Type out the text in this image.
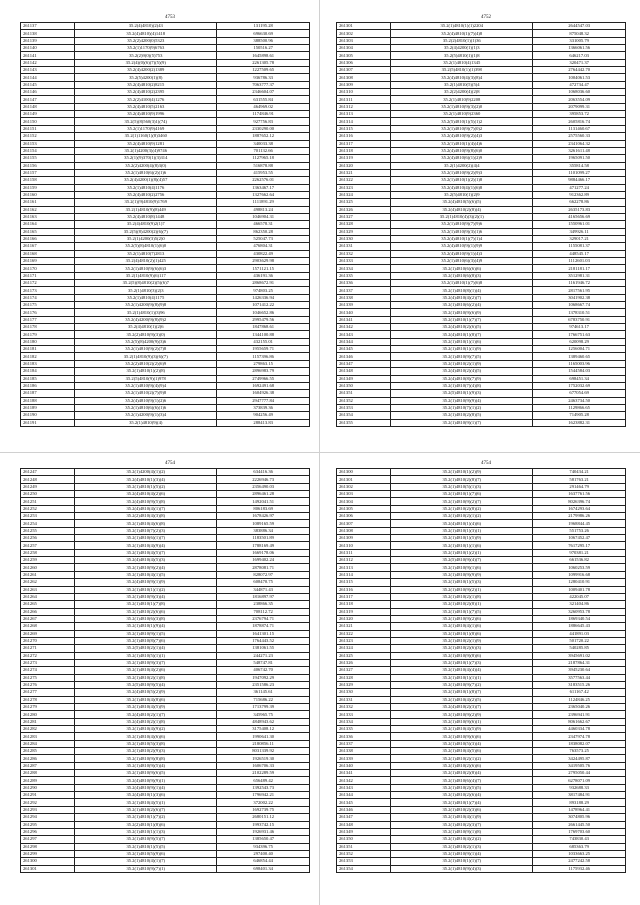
4753
261137	35.2(4)4810)(2)43	131195.28
261138	35.2(4)4810)(4)1418	696630.69
261139	35.2(2)4200(0)5323	388500.96
261140	35.2(1)1170(9)6763	150516.27
261141	35.2(2)9(0)(5)753	1645898.61
261142	35.2(4)(0)(6)(7)(5)(9)	2261305.78
261143	35.2(4)4200(2)1389	1227509.65
261144	35.2(5)4200(1)(8)	936786.33
261145	35.2(4)4810(2)8215	7063777.37
261146	35.2(4)4810(2)2395	2346604.07
261147	35.2(2)4100(4)1276	631555.84
261148	35.2(4)4810(5)2163	464969.02
261149	35.2(4)4810(9)1996	1174846.91
261150	35.2(5)(8)560(3)1)(74)	927756.83
261151	35.2(1)1170(9)4169	2330290.00
261152	35.2(1)1160(1)(8)3460	1887652.12
261153	35.2(4)4810(9)1281	340033.38
261154	35.2(1)4200(3)(4)9746	701132.66
261155	35.2(1)(9)370(1)(3)314	1127965.18
261156	35.2(2)4200(4)(8)3(0)	516878.88
261157	35.2(1)4810(6)(2)(1)6	415953.55
261158	35.2(4)4200(1)(8)(4)57	2262576.01
261159	35.2(1)4810(4)1176	1363467.17
261160	35.2(4)4810(2)2756	1327662.64
261161	35.2(1)(9)4810(9)1769	1111891.29
261162	35.2(1)4810(9)(8)449	498813.24
261163	35.2(4)4810(8)1448	1046904.31
261164	35.2(4)4810(9)2(1)7	466578.31
261165	35.2(5)(8)4200(2)(6)(7)	862350.28
261166	35.2(1)4200(3)5(2)0	525047.73
261167	35.2(5)(8)4810(1)(6)0	476804.31
261168	35.2(1)4810(7)2813	430822.49
261169	35.2(4)4810(2)(1)425	2903629.98
261170	35.2(1)4810(9)(6)(6)3	1571121.15
261171	35.2(1)4810(9)(6)117	436191.36
261172	35.2(5)(8)4810(2)(5)(6)7	2868672.91
261173	35.2(1)4810(3)(2)3	974803.25
261174	35.2(1)4810(4)1175	1426336.94
261175	35.2(1)4200(9)(8)(9)8	1071412.22
261176	35.2(1)4810(1)(3)96	1046652.86
261177	35.2(4)4200(9)(8)(9)2	2995479.56
261178	35.2(4)4810(1)(2)6	1847868.61
261179	35.2(2)4810(9)(3)(0)	1344100.88
261180	35.2(5)(8)4200(9)(3)6	432155.01
261181	35.2(1)4810(9)(2)(7)8	1955659.71
261182	35.2(1)4810(9)(3)(6)(7)	1157396.86
261183	35.2(2)4810(2)(2)(6)9	279863.15
261184	35.2(1)4810(1)(2)(8)	2896983.79
261185	35.2(5)4810(9)(1)978	2749966.55
261186	35.2(1)4810(9)(4)(9)4	1692491.68
261187	35.2(1)4810(2)(7)(9)8	1604926.38
261188	35.2(4)4810(9)(1)(2)6	2947777.84
261189	35.2(1)4810(6)(6)(1)6	373839.36
261190	35.2(1)4200(9)(1)(3)4	904256.49
261191	35.2(1)4810(9)(4)	288413.83
4752
261301	35.2(1)4810(1)(1)2204	2644547.03
261302	35.2(4)4810(1)(7)(4)8	875048.32
261303	35.2(2)4810(1)(1)36	331005.79
261304	35.2(4)4200(1)(1)3	1366061.56
261305	35.2(5)4810(1)(1)8	646217.03
261306	35.2(1)4810(4)1345	320471.37
261307	35.2(5)4810(1)(1)398	2764442.70
261308	35.2(4)4810(4)(3)(8)4	1004061.53
261309	35.2(1)4810(5)(5)4	472734.47
261310	35.2(2)4200(4)(2)8	1068036.60
261311	35.2(1)4810(9)2208	2063554.09
261312	35.2(1)4810(9)(3)(2)0	2079099.31
261313	35.2(1)4810(9)2360	395853.72
261314	35.2(5)4810(1)(5)(1)2	2605816.74
261315	35.2(1)4810(9)(7)(0)2	1131460.67
261316	35.2(4)4810(9)(2)(4)3	2575560.33
261317	35.2(1)4810(1)(4)(4)6	2341064.32
261318	35.2(4)4810(9)(8)(6)0	3261611.48
261319	35.2(4)4810(6)(1)(2)9	1965091.50
261320	35.2(1)4200(2)(4)4	355814.58
261321	35.2(1)4810(9)(2)(9)3	1101099.27
261322	35.2(1)4810(1)(2)(1)8	9884466.17
261323	35.2(4)4810(4)(1)(6)8	471277.24
261324	35.2(5)4810(1)(2)9	912362.89
261325	35.2(4)4810(5)(6)(5)	662278.86
261326	35.2(4)4810(2)(8)(4)	2635173.83
261327	35.2(1)4810(4)(3)(2)(1)	4165656.69
261328	35.2(1)4810(9)(7)(9)6	1550961.01
261329	35.2(1)4810(9)(3)(1)6	349926.11
261330	35.2(4)4810(1)(7)(1)4	329017.21
261331	35.2(4)4810(9)(1)(9)9	1155081.37
261332	35.2(4)4810(9)(1)(4)3	448545.17
261333	35.2(1)4810(6)(3)(4)9	1112601.03
261334	35.2(1)4810(6)(6)(6)	2181181.17
261335	35.2(1)4810(6)(8)(3)	3512981.31
261336	35.2(1)4810(1)(7)(6)8	1161946.72
261337	35.2(1)4810(8)(1)(4)	2817561.95
261338	35.2(4)4810(4)(2)(7)	3041902.38
261339	35.2(1)4810(6)(2)(4)	1068667.74
261340	35.2(1)4810(9)(6)(9)	1378310.51
261341	35.2(1)4810(1)(7)(7)	6783750.91
261342	35.2(4)4810(2)(6)(5)	974613.17
261343	35.2(4)4810(1)(8)(7)	1766751.63
261344	35.2(1)4810(1)(1)(6)	620098.29
261345	35.2(1)4810(1)(1)(9)	1256004.71
261346	35.2(1)4810(9)(7)(5)	1389460.65
261347	35.2(1)4810(2)(1)(9)	1165003.96
261348	35.2(4)4810(2)(4)(5)	1544584.03
261349	35.2(4)4810(8)(7)(9)	698451.34
261350	35.2(1)4810(7)(4)(8)	1752032.69
261351	35.2(5)4810(1)(9)(3)	677054.69
261352	35.2(1)4810(9)(9)(4)	2463734.50
261353	35.2(1)4810(7)(1)(2)	1129866.65
261354	35.2(1)4810(2)(8)(5)	714905.28
261355	35.2(1)4810(9)(1)(7)	1623882.31
4754
261247	35.2(1)4200(4)(1)(2)	634416.36
261248	35.2(4)4810(1)(3)(4)	2226946.73
261249	35.2(1)4810(1)(5)(2)	2356490.03
261250	35.2(4)4810(4)(2)(6)	2896461.28
261251	35.2(4)4810(9)(5)(8)	1492041.51
261252	35.2(4)4810(4)(1)(7)	806183.69
261253	35.2(2)4810(4)(3)(8)	1678426.97
261254	35.2(1)4810(4)(6)(8)	1089165.59
261255	35.2(1)4810(7)(2)(3)	383886.34
261256	35.2(1)4810(6)(1)(7)	1183501.89
261257	35.2(1)4810(4)(9)(4)	1788169.49
261258	35.2(1)4810(4)(5)(7)	1669178.06
261259	35.2(4)4810(4)(5)(3)	1699402.24
261260	35.2(1)4810(9)(2)(4)	2878081.71
261261	35.2(1)4810(4)(1)(5)	828072.97
261262	35.2(4)4810(9)(1)(9)	608470.75
261263	35.2(1)4810(1)(1)(2)	344871.43
261264	35.2(1)4810(9)(3)(4)	1816897.97
261265	35.2(1)4810(1)(7)(8)	238866.35
261266	35.2(1)4810(2)(6)(6)	708112.72
261267	35.2(1)4810(6)(3)(8)	2376794.71
261268	35.2(1)4810(1)(9)(4)	1878874.71
261269	35.2(1)4810(9)(1)(5)	1641301.15
261270	35.2(1)4810(8)(7)(6)	1764443.52
261271	35.2(5)4810(2)(1)(4)	1381061.55
261272	35.2(1)4810(5)(1)(1)	244271.23
261273	35.2(1)4810(9)(3)(7)	548747.81
261274	35.2(1)4810(4)(2)(6)	406742.70
261275	35.2(1)4810(2)(1)(8)	1947092.29
261276	35.2(5)4810(9)(5)(4)	2351586.23
261277	35.2(4)4810(5)(2)(9)	361145.61
261278	35.2(1)4810(4)(8)(6)	715686.22
261279	35.2(1)4810(4)(5)(9)	1713799.39
261280	35.2(4)4810(2)(1)(7)	345965.75
261281	35.2(4)4810(2)(1)(8)	4848943.62
261282	35.2(1)4810(4)(9)(2)	3175408.12
261283	35.2(1)4810(4)(6)(6)	1990641.30
261284	35.2(1)4810(5)(3)(8)	2180856.11
261285	35.2(1)4810(2)(9)(3)	8031339.92
261286	35.2(1)4810(9)(8)(8)	1926519.30
261287	35.2(1)4810(9)(5)(4)	1606706.33
261288	35.2(1)4810(9)(6)(5)	2102289.59
261289	35.2(4)4810(9)(9)(1)	656489.42
261290	35.2(4)4810(9)(1)(4)	1392543.73
261291	35.2(4)4810(1)(3)(6)	1796942.21
261292	35.2(1)4810(4)(5)(1)	372002.22
261293	35.2(1)4810(2)(6)(7)	1692739.75
261294	35.2(1)4810(1)(7)(2)	2680151.12
261295	35.2(2)4810(1)(8)(6)	1993742.15
261296	35.2(1)4810(1)(1)(3)	1926931.46
261297	35.2(1)4810(9)(5)(7)	1385650.47
261298	35.2(1)4810(1)(5)(5)	934396.75
261299	35.2(1)4810(5)(9)(6)	297400.40
261300	35.2(1)4810(4)(1)(7)	646854.44
261301	35.2(1)4810(9)(7)(1)	698401.34
4754
261300	35.2(1)4810(1)(2)(9)	740434.21
261301	35.2(1)4810(2)(8)(7)	581763.21
261302	35.2(1)4810(5)(1)(3)	291464.79
261303	35.2(1)4810(1)(7)(6)	1637761.56
261304	35.2(1)4810(9)(2)(7)	8026396.74
261305	35.2(1)4810(2)(8)(2)	1674293.64
261306	35.2(1)4810(2)(1)(2)	2179986.26
261307	35.2(4)4810(1)(4)(6)	1968844.45
261308	35.2(1)4810(1)(3)(1)	551753.26
261309	35.2(1)4810(1)(5)(9)	1067452.47
261310	35.2(1)4810(1)(1)(6)	7617295.17
261311	35.2(1)4810(1)(2)(1)	970381.21
261312	35.2(5)4810(9)(4)(7)	661536.82
261313	35.2(1)4810(9)(1)(6)	1060253.59
261314	35.2(1)4810(9)(9)(9)	1099916.68
261315	35.2(1)4810(1)(5)(3)	1280410.91
261316	35.2(1)4810(9)(2)(1)	1009401.78
261317	35.2(1)4810(2)(1)(8)	422045.07
261318	35.2(1)4810(2)(8)(1)	321404.86
261319	35.2(1)4810(1)(7)(5)	3260953.78
261320	35.2(1)4810(9)(2)(6)	1869340.54
261321	35.2(1)4810(4)(1)(6)	1886645.43
261322	35.2(1)4810(1)(8)(6)	441891.03
261323	35.2(1)4810(2)(1)(9)	501720.22
261324	35.2(1)4810(2)(6)(3)	540285.85
261325	35.2(1)4810(9)(8)(6)	3945691.02
261326	35.2(1)4810(1)(7)(3)	2187864.31
261327	35.2(1)4810(4)(4)(4)	3945230.64
261328	35.2(1)4810(1)(1)(1)	3577563.44
261329	35.2(1)4810(9)(7)(2)	3183515.26
261330	35.2(1)4810(1)(8)(7)	611167.42
261331	35.2(1)4810(4)(2)(5)	1124846.25
261332	35.2(4)4810(2)(3)(7)	2365040.26
261333	35.2(1)4810(9)(2)(9)	2396941.91
261334	35.2(1)4810(9)(6)(1)	8061662.67
261335	35.2(1)4810(4)(5)(9)	4460334.78
261336	35.2(1)4810(9)(6)(6)	2347974.78
261337	35.2(1)4810(5)(3)(4)	1838082.07
261338	35.2(1)4810(4)(5)(6)	763573.25
261339	35.2(1)4810(2)(1)(2)	3424495.87
261340	35.2(1)4810(2)(6)(6)	3419505.76
261341	35.2(1)4810(2)(8)(4)	2795050.44
261342	35.2(1)4810(6)(4)(7)	6278071.09
261343	35.2(1)4810(2)(5)(5)	932688.33
261344	35.2(1)4810(2)(6)(4)	3817484.91
261345	35.2(1)4810(1)(7)(4)	893188.29
261346	35.2(1)4810(2)(3)(6)	1478964.41
261347	35.2(1)4810(4)(1)(9)	3074805.96
261348	35.2(1)4810(2)(3)(7)	2661445.50
261349	35.2(1)4810(9)(1)(8)	1769703.60
261350	35.2(1)4810(4)(2)(2)	743830.43
261351	35.2(1)4810(2)(1)(3)	685363.79
261352	35.2(1)4810(9)(1)(4)	1033663.25
261353	35.2(1)4810(1)(1)(7)	2477242.58
261354	35.2(1)4810(9)(4)(3)	1175932.46
